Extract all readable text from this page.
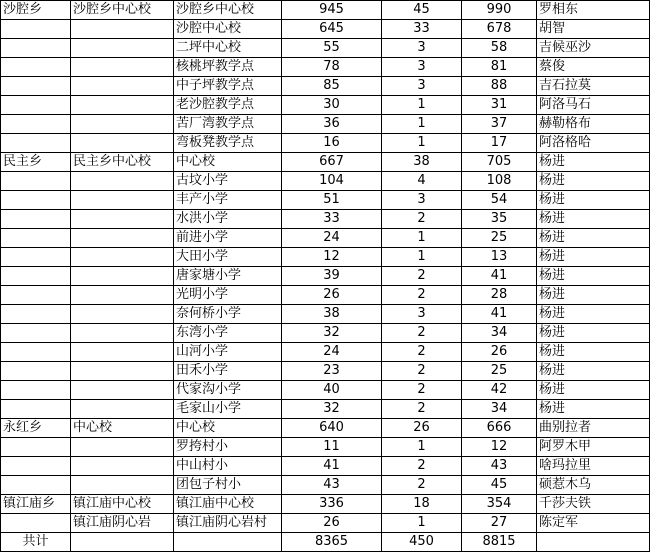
沙腔乡	沙腔乡中心校	沙腔乡中心校	945	45	990	罗相东
		沙腔中心校	645	33	678	胡智
		二坪中心校	55	3	58	吉候巫沙
		核桃坪教学点	78	3	81	蔡俊
		中子坪教学点	85	3	88	吉石拉莫
		老沙腔教学点	30	1	31	阿洛马石
		苦厂湾教学点	36	1	37	赫勒格布
		弯板凳教学点	16	1	17	阿洛格哈
民主乡	民主乡中心校	中心校	667	38	705	杨进
		古坟小学	104	4	108	杨进
		丰产小学	51	3	54	杨进
		水洪小学	33	2	35	杨进
		前进小学	24	1	25	杨进
		大田小学	12	1	13	杨进
		唐家塘小学	39	2	41	杨进
		光明小学	26	2	28	杨进
		奈何桥小学	38	3	41	杨进
		东湾小学	32	2	34	杨进
		山河小学	24	2	26	杨进
		田禾小学	23	2	25	杨进
		代家沟小学	40	2	42	杨进
		毛家山小学	32	2	34	杨进
永红乡	中心校	中心校	640	26	666	曲别拉者
		罗挎村小	11	1	12	阿罗木甲
		中山村小	41	2	43	啥玛拉里
		团包子村小	43	2	45	硕惹木乌
镇江庙乡	镇江庙中心校	镇江庙中心校	336	18	354	千莎夫铁
	镇江庙阴心岩	镇江庙阴心岩村	26	1	27	陈定军
共计			8365	450	8815	
